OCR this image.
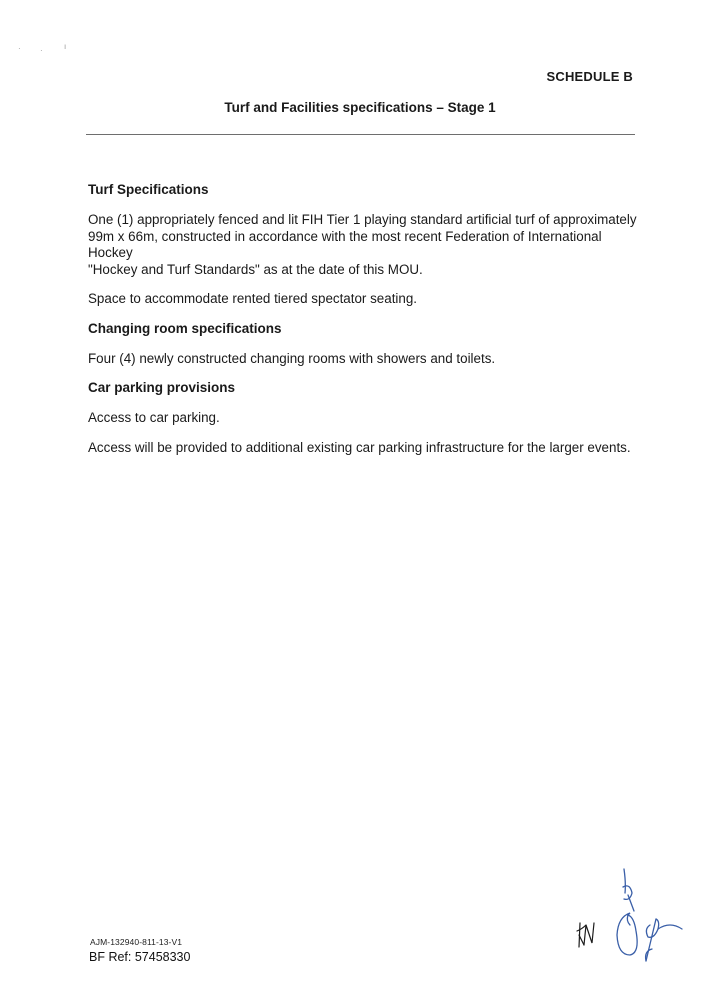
· ·	ı
SCHEDULE B
Turf and Facilities specifications – Stage 1
Turf Specifications
One (1) appropriately fenced and lit FIH Tier 1 playing standard artificial turf of approximately
99m x 66m, constructed in accordance with the most recent Federation of International Hockey
"Hockey and Turf Standards" as at the date of this MOU.
Space to accommodate rented tiered spectator seating.
Changing room specifications
Four (4) newly constructed changing rooms with showers and toilets.
Car parking provisions
Access to car parking.
Access will be provided to additional existing car parking infrastructure for the larger events.
AJM-132940-811-13-V1
BF Ref: 57458330
